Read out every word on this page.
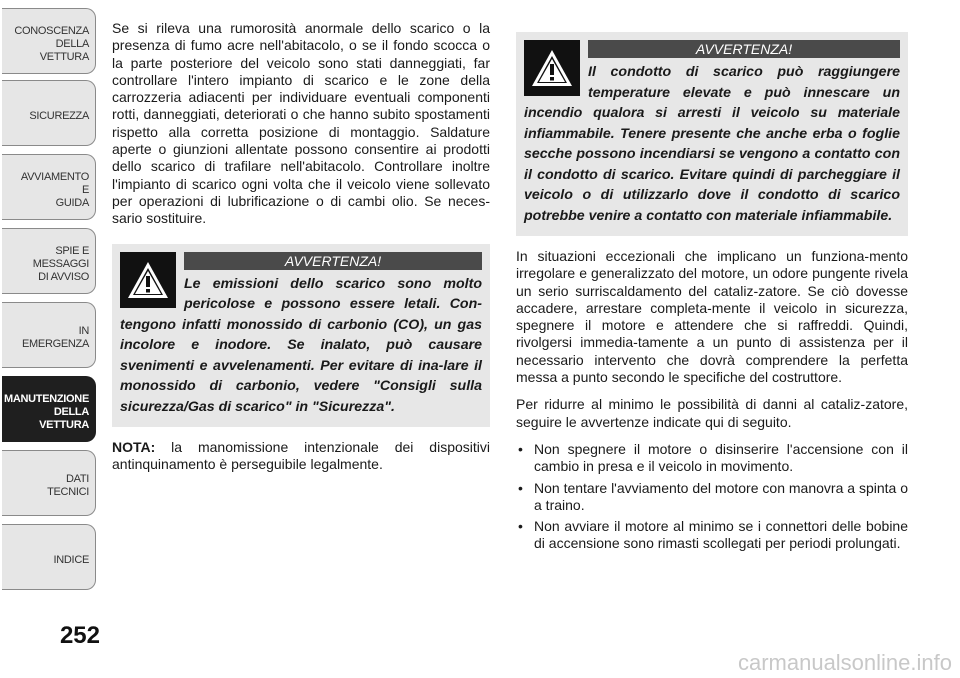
CONOSCENZA
DELLA
VETTURA
SICUREZZA
AVVIAMENTO
E
GUIDA
SPIE E
MESSAGGI
DI AVVISO
IN
EMERGENZA
MANUTENZIONE
DELLA
VETTURA
DATI
TECNICI
INDICE
252

Se si rileva una rumorosità anormale dello scarico o la presenza di fumo acre nell'abitacolo, o se il fondo scocca o la parte posteriore del veicolo sono stati danneggiati, far controllare l'intero impianto di scarico e le zone della carrozzeria adiacenti per individuare eventuali componenti rotti, danneggiati, deteriorati o che hanno subito spostamenti rispetto alla corretta posizione di montaggio. Saldature aperte o giunzioni allentate possono consentire ai prodotti dello scarico di trafilare nell'abitacolo. Controllare inoltre l'impianto di scarico ogni volta che il veicolo viene sollevato per operazioni di lubrificazione o di cambi olio. Se neces-sario sostituire.

AVVERTENZA!

Le emissioni dello scarico sono molto pericolose e possono essere letali. Con-tengono infatti monossido di carbonio (CO), un gas incolore e inodore. Se inalato, può causare svenimenti e avvelenamenti. Per evitare di ina-lare il monossido di carbonio, vedere "Consigli sulla sicurezza/Gas di scarico" in "Sicurezza".

NOTA: la manomissione intenzionale dei dispositivi antinquinamento è perseguibile legalmente.

AVVERTENZA!

Il condotto di scarico può raggiungere temperature elevate e può innescare un incendio qualora si arresti il veicolo su materiale infiammabile. Tenere presente che anche erba o foglie secche possono incendiarsi se vengono a contatto con il condotto di scarico. Evitare quindi di parcheggiare il veicolo o di utilizzarlo dove il condotto di scarico potrebbe venire a contatto con materiale infiammabile.

In situazioni eccezionali che implicano un funziona-mento irregolare e generalizzato del motore, un odore pungente rivela un serio surriscaldamento del cataliz-zatore. Se ciò dovesse accadere, arrestare completa-mente il veicolo in sicurezza, spegnere il motore e attendere che si raffreddi. Quindi, rivolgersi immedia-tamente a un punto di assistenza per il necessario intervento che dovrà comprendere la perfetta messa a punto secondo le specifiche del costruttore.

Per ridurre al minimo le possibilità di danni al cataliz-zatore, seguire le avvertenze indicate qui di seguito.

• Non spegnere il motore o disinserire l'accensione con il cambio in presa e il veicolo in movimento.
• Non tentare l'avviamento del motore con manovra a spinta o a traino.
• Non avviare il motore al minimo se i connettori delle bobine di accensione sono rimasti scollegati per periodi prolungati.
carmanualsonline.info
